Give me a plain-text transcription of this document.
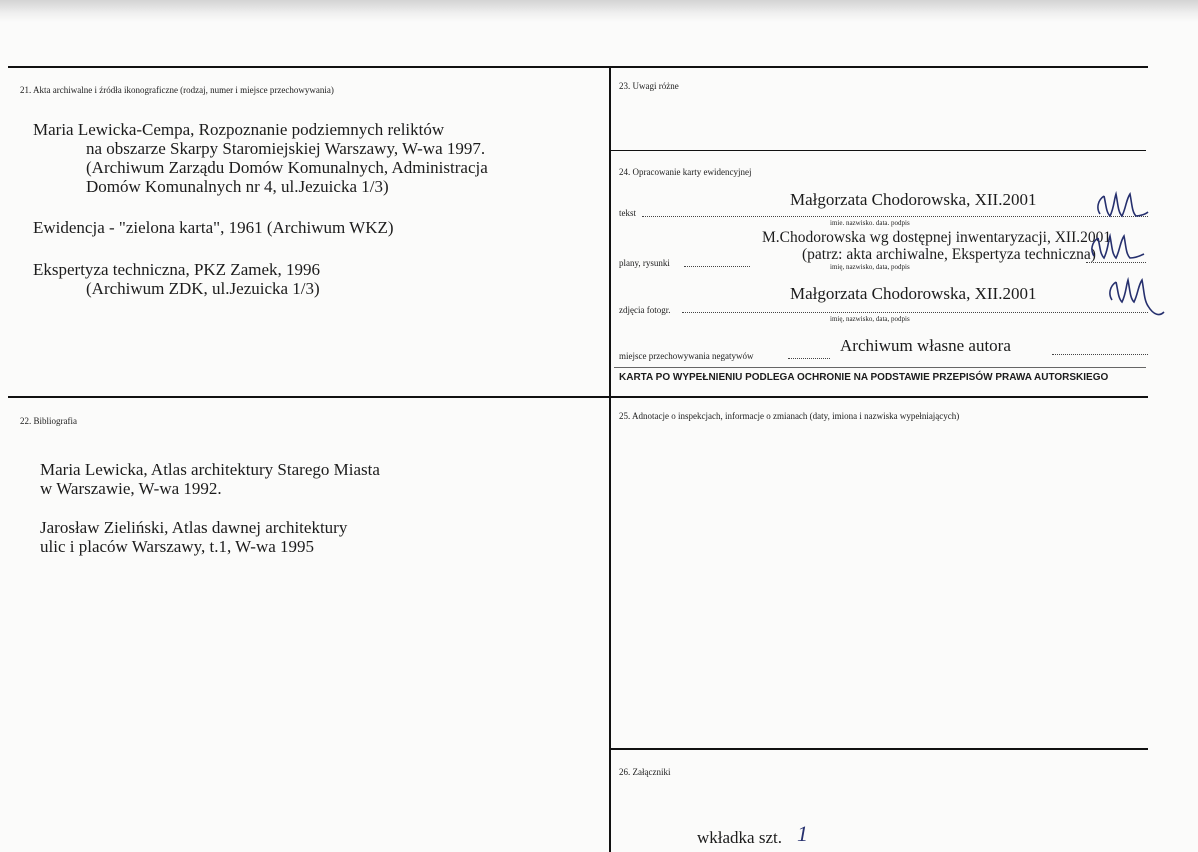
21. Akta archiwalne i źródła ikonograficzne (rodzaj, numer i miejsce przechowywania)
Maria Lewicka-Cempa, Rozpoznanie podziemnych reliktów
na obszarze Skarpy Staromiejskiej Warszawy, W-wa 1997.
(Archiwum Zarządu Domów Komunalnych, Administracja
Domów Komunalnych nr 4, ul.Jezuicka 1/3)
Ewidencja - "zielona karta", 1961 (Archiwum WKZ)
Ekspertyza techniczna, PKZ Zamek, 1996
(Archiwum ZDK, ul.Jezuicka 1/3)
22. Bibliografia
Maria Lewicka, Atlas architektury Starego Miasta
w Warszawie, W-wa 1992.
Jarosław Zieliński, Atlas dawnej architektury
ulic i placów Warszawy, t.1, W-wa 1995
23. Uwagi różne
24. Opracowanie karty ewidencyjnej
Małgorzata Chodorowska, XII.2001
tekst
imie. nazwisko. data. podpis
M.Chodorowska wg dostępnej inwentaryzacji, XII.2001
(patrz: akta archiwalne, Ekspertyza techniczna)
plany, rysunki	imię, nazwisko, data, podpis
Małgorzata Chodorowska, XII.2001
zdjęcia fotogr.
imię, nazwisko, data, podpis
Archiwum własne autora
miejsce przechowywania negatywów
KARTA PO WYPEŁNIENIU PODLEGA OCHRONIE NA PODSTAWIE PRZEPISÓW PRAWA AUTORSKIEGO
25. Adnotacje o inspekcjach, informacje o zmianach (daty, imiona i nazwiska wypełniających)
26. Załączniki
wkładka szt. 1
